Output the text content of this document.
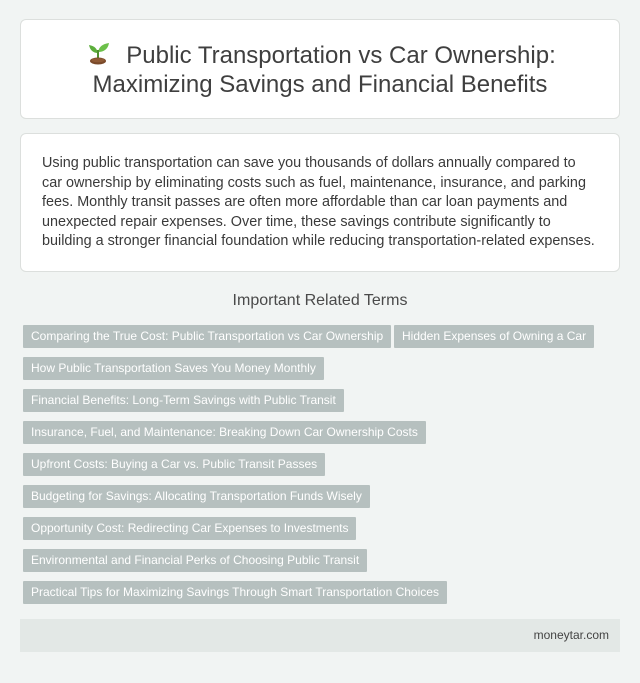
Public Transportation vs Car Ownership: Maximizing Savings and Financial Benefits

Using public transportation can save you thousands of dollars annually compared to car ownership by eliminating costs such as fuel, maintenance, insurance, and parking fees. Monthly transit passes are often more affordable than car loan payments and unexpected repair expenses. Over time, these savings contribute significantly to building a stronger financial foundation while reducing transportation-related expenses.

Important Related Terms
Comparing the True Cost: Public Transportation vs Car Ownership	Hidden Expenses of Owning a Car
How Public Transportation Saves You Money Monthly
Financial Benefits: Long-Term Savings with Public Transit
Insurance, Fuel, and Maintenance: Breaking Down Car Ownership Costs
Upfront Costs: Buying a Car vs. Public Transit Passes
Budgeting for Savings: Allocating Transportation Funds Wisely
Opportunity Cost: Redirecting Car Expenses to Investments
Environmental and Financial Perks of Choosing Public Transit
Practical Tips for Maximizing Savings Through Smart Transportation Choices
moneytar.com
